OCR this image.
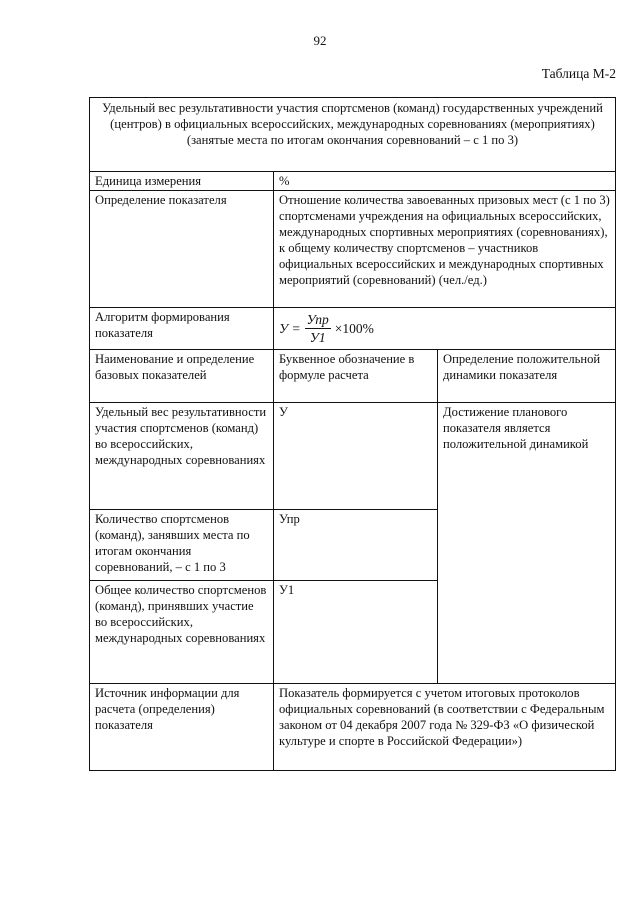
92
Таблица М-2
Удельный вес результативности участия спортсменов (команд) государственных учреждений (центров) в официальных всероссийских, международных соревнованиях (мероприятиях) (занятые места по итогам окончания соревнований – с 1 по 3)		
Единица измерения	%	
Определение показателя	Отношение количества завоеванных призовых мест (с 1 по 3) спортсменами учреждения на официальных всероссийских, международных спортивных мероприятиях (соревнованиях), к общему количеству спортсменов – участников официальных всероссийских и международных спортивных мероприятий (соревнований) (чел./ед.)	
Алгоритм формирования показателя	$У = \frac{\text{Упр}}{У1} \times 100\%$	

Наименование и определение базовых показателей	Буквенное обозначение в формуле расчета	Определение положительной динамики показателя
Удельный вес результативности участия спортсменов (команд) во всероссийских, международных соревнованиях	У	Достижение планового показателя является положительной динамикой
Количество спортсменов (команд), занявших места по итогам окончания соревнований, – с 1 по 3	Упр	
Общее количество спортсменов (команд), принявших участие во всероссийских, международных соревнованиях	У1	
Источник информации для расчета (определения) показателя	Показатель формируется с учетом итоговых протоколов официальных соревнований (в соответствии с Федеральным законом от 04 декабря 2007 года № 329-ФЗ «О физической культуре и спорте в Российской Федерации»)	
